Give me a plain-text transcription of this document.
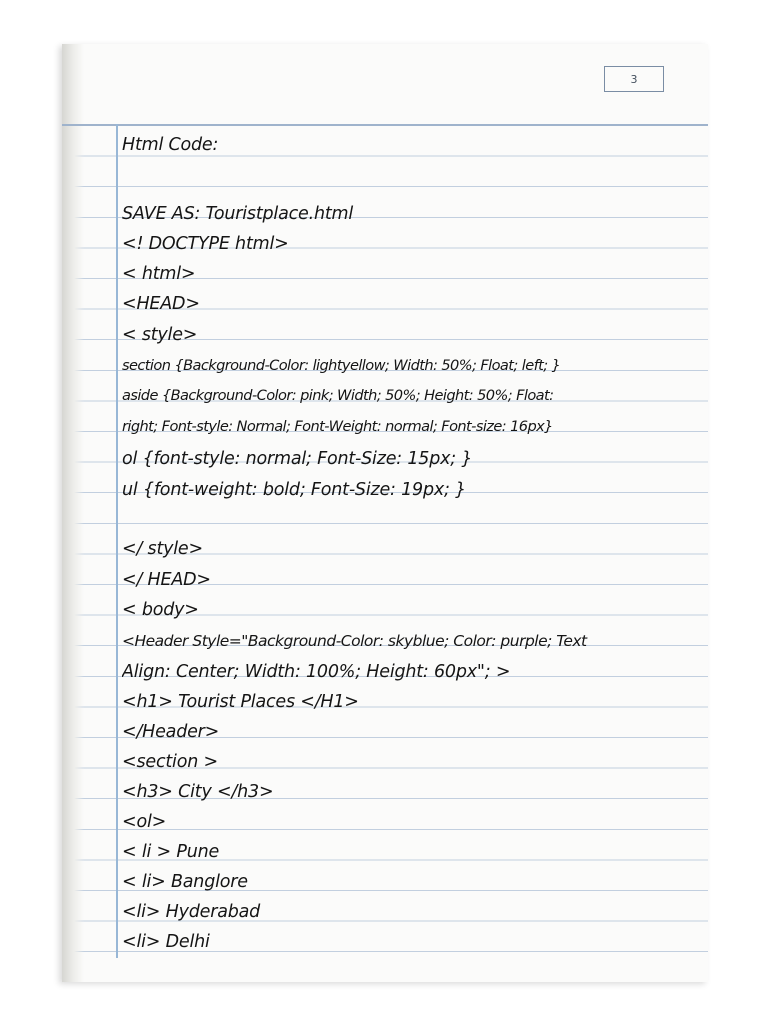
3
Html Code:
SAVE AS: Touristplace.html
<! DOCTYPE html>
< html>
<HEAD>
< style>
section {Background-Color: lightyellow; Width: 50%; Float; left; }
aside {Background-Color: pink; Width; 50%; Height: 50%; Float:
right; Font-style: Normal; Font-Weight: normal; Font-size: 16px}
ol {font-style: normal; Font-Size: 15px; }
ul {font-weight: bold; Font-Size: 19px; }
</ style>
</ HEAD>
< body>
<Header Style="Background-Color: skyblue; Color: purple; Text
Align: Center; Width: 100%; Height: 60px"; >
<h1> Tourist Places </H1>
</Header>
<section >
<h3> City </h3>
<ol>
< li > Pune
< li> Banglore
<li> Hyderabad
<li> Delhi
